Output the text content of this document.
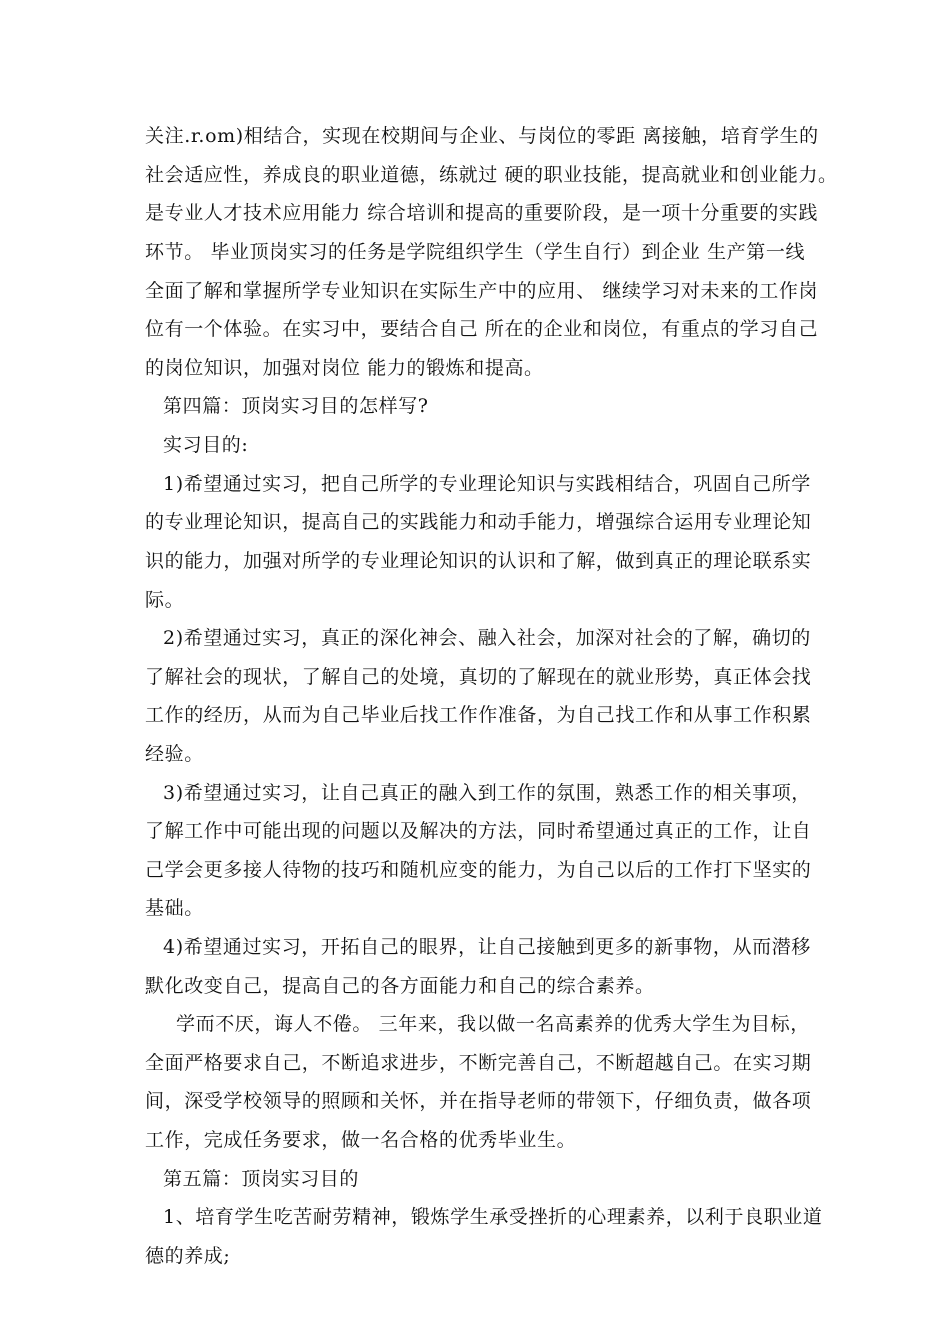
关注.r.om)相结合，实现在校期间与企业、与岗位的零距 离接触，培育学生的
社会适应性，养成良的职业道德，练就过 硬的职业技能，提高就业和创业能力。
是专业人才技术应用能力 综合培训和提高的重要阶段，是一项十分重要的实践
环节。 毕业顶岗实习的任务是学院组织学生（学生自行）到企业 生产第一线
全面了解和掌握所学专业知识在实际生产中的应用、 继续学习对未来的工作岗
位有一个体验。在实习中，要结合自己 所在的企业和岗位，有重点的学习自己
的岗位知识，加强对岗位 能力的锻炼和提高。
第四篇：顶岗实习目的怎样写?
实习目的:
1)希望通过实习，把自己所学的专业理论知识与实践相结合，巩固自己所学
的专业理论知识，提高自己的实践能力和动手能力，增强综合运用专业理论知
识的能力，加强对所学的专业理论知识的认识和了解，做到真正的理论联系实
际。
2)希望通过实习，真正的深化神会、融入社会，加深对社会的了解，确切的
了解社会的现状，了解自己的处境，真切的了解现在的就业形势，真正体会找
工作的经历，从而为自己毕业后找工作作准备，为自己找工作和从事工作积累
经验。
3)希望通过实习，让自己真正的融入到工作的氛围，熟悉工作的相关事项，
了解工作中可能出现的问题以及解决的方法，同时希望通过真正的工作，让自
己学会更多接人待物的技巧和随机应变的能力，为自己以后的工作打下坚实的
基础。
4)希望通过实习，开拓自己的眼界，让自己接触到更多的新事物，从而潜移
默化改变自己，提高自己的各方面能力和自己的综合素养。
学而不厌，诲人不倦。 三年来，我以做一名高素养的优秀大学生为目标，
全面严格要求自己，不断追求进步，不断完善自己，不断超越自己。在实习期
间，深受学校领导的照顾和关怀，并在指导老师的带领下，仔细负责，做各项
工作，完成任务要求，做一名合格的优秀毕业生。
第五篇：顶岗实习目的
1、培育学生吃苦耐劳精神，锻炼学生承受挫折的心理素养，以利于良职业道
德的养成;
